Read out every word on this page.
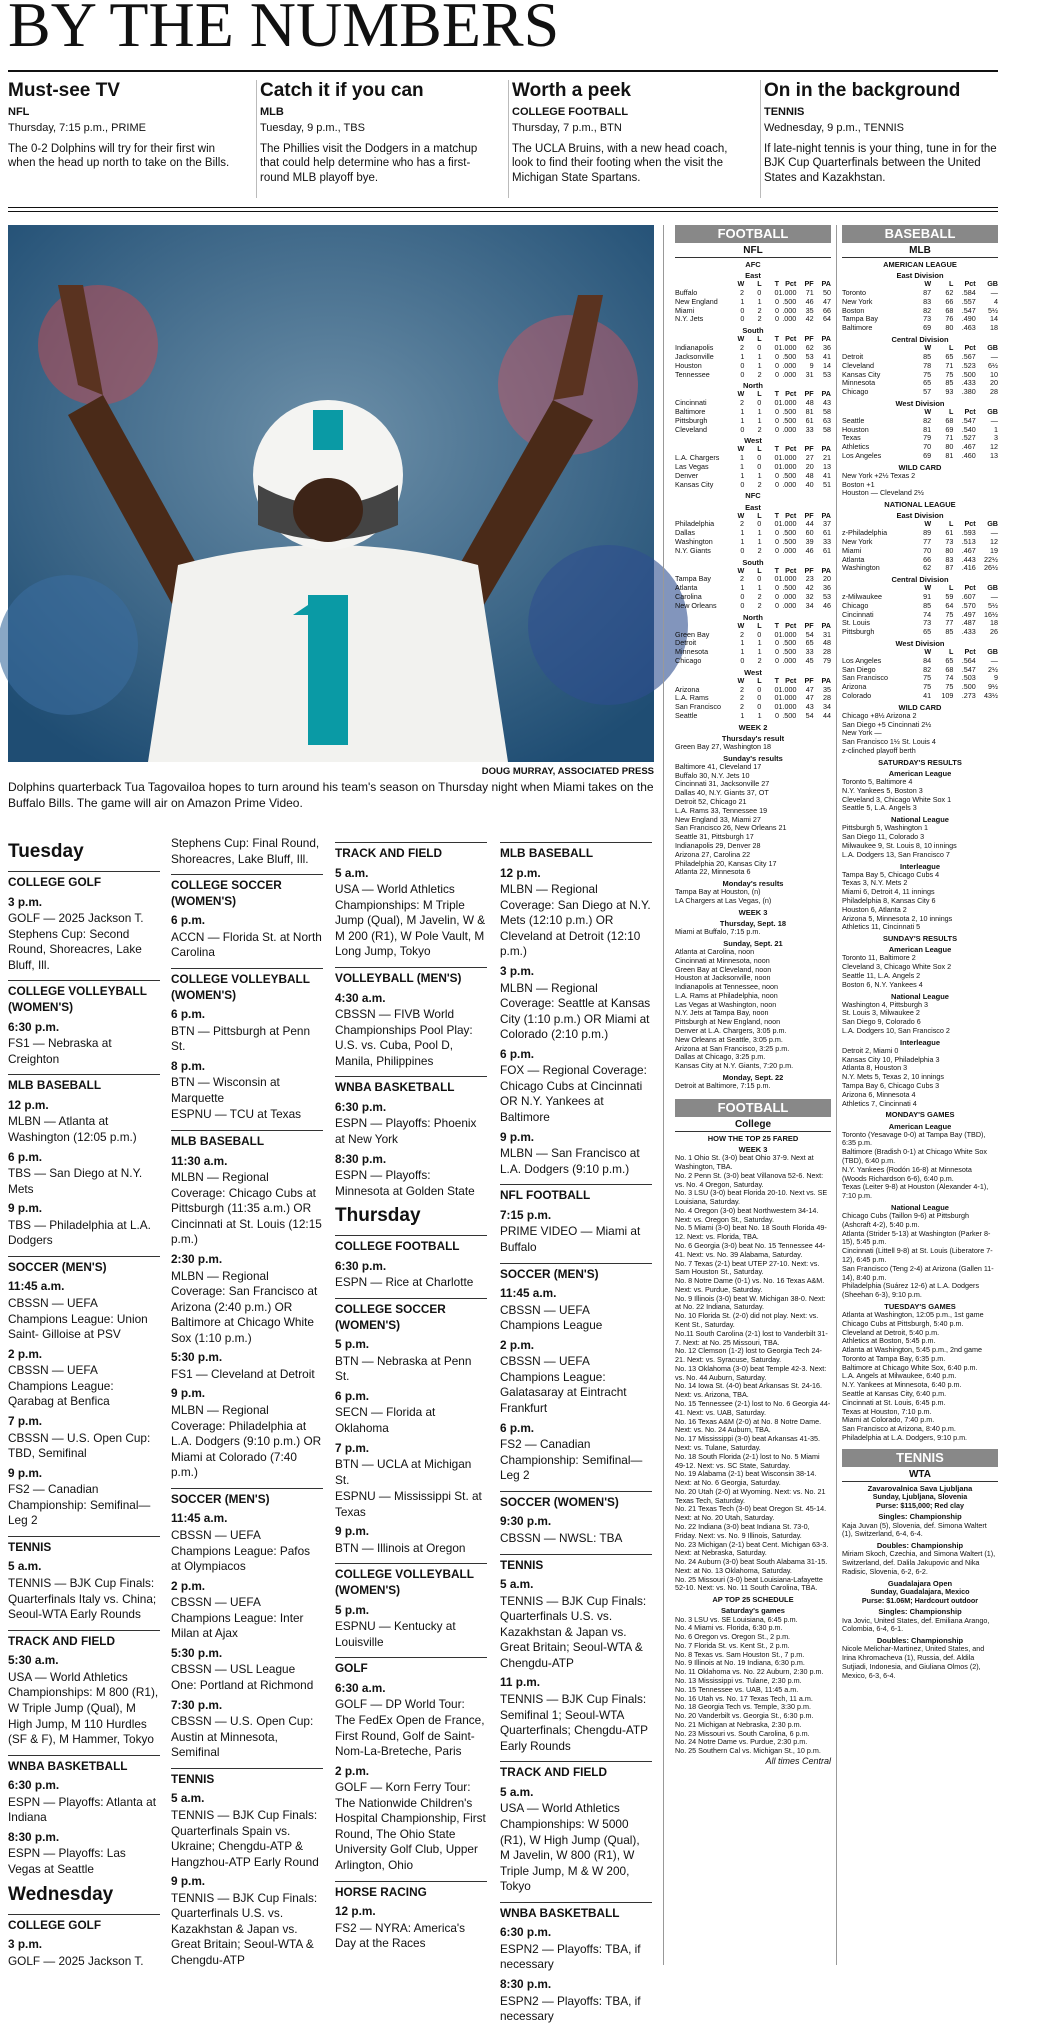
BY THE NUMBERS
Must-see TV
NFL
Thursday, 7:15 p.m., PRIME
The 0-2 Dolphins will try for their first win when the head up north to take on the Bills.
Catch it if you can
MLB
Tuesday, 9 p.m., TBS
The Phillies visit the Dodgers in a matchup that could help determine who has a first-round MLB playoff bye.
Worth a peek
COLLEGE FOOTBALL
Thursday, 7 p.m., BTN
The UCLA Bruins, with a new head coach, look to find their footing when the visit the Michigan State Spartans.
On in the background
TENNIS
Wednesday, 9 p.m., TENNIS
If late-night tennis is your thing, tune in for the BJK Cup Quarterfinals between the United States and Kazakhstan.
DOUG MURRAY, ASSOCIATED PRESS
Dolphins quarterback Tua Tagovailoa hopes to turn around his team's season on Thursday night when Miami takes on the Buffalo Bills. The game will air on Amazon Prime Video.
Tuesday
COLLEGE GOLF
3 p.m.
GOLF — 2025 Jackson T. Stephens Cup: Second Round, Shoreacres, Lake Bluff, Ill.
COLLEGE VOLLEYBALL (WOMEN'S)
6:30 p.m.
FS1 — Nebraska at Creighton
MLB BASEBALL
12 p.m.
MLBN — Atlanta at Washington (12:05 p.m.)
6 p.m.
TBS — San Diego at N.Y. Mets
9 p.m.
TBS — Philadelphia at L.A. Dodgers
SOCCER (MEN'S)
11:45 a.m.
CBSSN — UEFA Champions League: Union Saint- Gilloise at PSV
2 p.m.
CBSSN — UEFA Champions League: Qarabag at Benfica
7 p.m.
CBSSN — U.S. Open Cup: TBD, Semifinal
9 p.m.
FS2 — Canadian Championship: Semifinal—Leg 2
TENNIS
5 a.m.
TENNIS — BJK Cup Finals: Quarterfinals Italy vs. China; Seoul-WTA Early Rounds
TRACK AND FIELD
5:30 a.m.
USA — World Athletics Championships: M 800 (R1), W Triple Jump (Qual), M High Jump, M 110 Hurdles (SF & F), M Hammer, Tokyo
WNBA BASKETBALL
6:30 p.m.
ESPN — Playoffs: Atlanta at Indiana
8:30 p.m.
ESPN — Playoffs: Las Vegas at Seattle
Wednesday
COLLEGE GOLF
3 p.m.
GOLF — 2025 Jackson T.
Stephens Cup: Final Round, Shoreacres, Lake Bluff, Ill.
COLLEGE SOCCER (WOMEN'S)
6 p.m.
ACCN — Florida St. at North Carolina
COLLEGE VOLLEYBALL (WOMEN'S)
6 p.m.
BTN — Pittsburgh at Penn St.
8 p.m.
BTN — Wisconsin at Marquette
ESPNU — TCU at Texas
MLB BASEBALL
11:30 a.m.
MLBN — Regional Coverage: Chicago Cubs at Pittsburgh (11:35 a.m.) OR Cincinnati at St. Louis (12:15 p.m.)
2:30 p.m.
MLBN — Regional Coverage: San Francisco at Arizona (2:40 p.m.) OR Baltimore at Chicago White Sox (1:10 p.m.)
5:30 p.m.
FS1 — Cleveland at Detroit
9 p.m.
MLBN — Regional Coverage: Philadelphia at L.A. Dodgers (9:10 p.m.) OR Miami at Colorado (7:40 p.m.)
SOCCER (MEN'S)
11:45 a.m.
CBSSN — UEFA Champions League: Pafos at Olympiacos
2 p.m.
CBSSN — UEFA Champions League: Inter Milan at Ajax
5:30 p.m.
CBSSN — USL League One: Portland at Richmond
7:30 p.m.
CBSSN — U.S. Open Cup: Austin at Minnesota, Semifinal
TENNIS
5 a.m.
TENNIS — BJK Cup Finals: Quarterfinals Spain vs. Ukraine; Chengdu-ATP & Hangzhou-ATP Early Round
9 p.m.
TENNIS — BJK Cup Finals: Quarterfinals U.S. vs. Kazakhstan & Japan vs. Great Britain; Seoul-WTA & Chengdu-ATP
TRACK AND FIELD
5 a.m.
USA — World Athletics Championships: M Triple Jump (Qual), M Javelin, W & M 200 (R1), W Pole Vault, M Long Jump, Tokyo
VOLLEYBALL (MEN'S)
4:30 a.m.
CBSSN — FIVB World Championships Pool Play: U.S. vs. Cuba, Pool D, Manila, Philippines
WNBA BASKETBALL
6:30 p.m.
ESPN — Playoffs: Phoenix at New York
8:30 p.m.
ESPN — Playoffs: Minnesota at Golden State
Thursday
COLLEGE FOOTBALL
6:30 p.m.
ESPN — Rice at Charlotte
COLLEGE SOCCER (WOMEN'S)
5 p.m.
BTN — Nebraska at Penn St.
6 p.m.
SECN — Florida at Oklahoma
7 p.m.
BTN — UCLA at Michigan St.
ESPNU — Mississippi St. at Texas
9 p.m.
BTN — Illinois at Oregon
COLLEGE VOLLEYBALL (WOMEN'S)
5 p.m.
ESPNU — Kentucky at Louisville
GOLF
6:30 a.m.
GOLF — DP World Tour: The FedEx Open de France, First Round, Golf de Saint-Nom-La-Breteche, Paris
2 p.m.
GOLF — Korn Ferry Tour: The Nationwide Children's Hospital Championship, First Round, The Ohio State University Golf Club, Upper Arlington, Ohio
HORSE RACING
12 p.m.
FS2 — NYRA: America's Day at the Races
MLB BASEBALL
12 p.m.
MLBN — Regional Coverage: San Diego at N.Y. Mets (12:10 p.m.) OR Cleveland at Detroit (12:10 p.m.)
3 p.m.
MLBN — Regional Coverage: Seattle at Kansas City (1:10 p.m.) OR Miami at Colorado (2:10 p.m.)
6 p.m.
FOX — Regional Coverage: Chicago Cubs at Cincinnati OR N.Y. Yankees at Baltimore
9 p.m.
MLBN — San Francisco at L.A. Dodgers (9:10 p.m.)
NFL FOOTBALL
7:15 p.m.
PRIME VIDEO — Miami at Buffalo
SOCCER (MEN'S)
11:45 a.m.
CBSSN — UEFA Champions League
2 p.m.
CBSSN — UEFA Champions League: Galatasaray at Eintracht Frankfurt
6 p.m.
FS2 — Canadian Championship: Semifinal—Leg 2
SOCCER (WOMEN'S)
9:30 p.m.
CBSSN — NWSL: TBA
TENNIS
5 a.m.
TENNIS — BJK Cup Finals: Quarterfinals U.S. vs. Kazakhstan & Japan vs. Great Britain; Seoul-WTA & Chengdu-ATP
11 p.m.
TENNIS — BJK Cup Finals: Semifinal 1; Seoul-WTA Quarterfinals; Chengdu-ATP Early Rounds
TRACK AND FIELD
5 a.m.
USA — World Athletics Championships: W 5000 (R1), W High Jump (Qual), M Javelin, W 800 (R1), W Triple Jump, M & W 200, Tokyo
WNBA BASKETBALL
6:30 p.m.
ESPN2 — Playoffs: TBA, if necessary
8:30 p.m.
ESPN2 — Playoffs: TBA, if necessary
FOOTBALL
NFL
AFC
East
W	L	T Pct	PF	PA
Buffalo	2	0	0 1.000	71	50
New England	1	1	0 .500	46	47
Miami	0	2	0 .000	35	66
N.Y. Jets	0	2	0 .000	42	64
South
W	L	T Pct	PF	PA
Indianapolis	2	0	0 1.000	62	36
Jacksonville	1	1	0 .500	53	41
Houston	0	1	0 .000	9	14
Tennessee	0	2	0 .000	31	53
North
W	L	T Pct	PF	PA
Cincinnati	2	0	0 1.000	48	43
Baltimore	1	1	0 .500	81	58
Pittsburgh	1	1	0 .500	61	63
Cleveland	0	2	0 .000	33	58
West
W	L	T Pct	PF	PA
L.A. Chargers	1	0	0 1.000	27	21
Las Vegas	1	0	0 1.000	20	13
Denver	1	1	0 .500	48	41
Kansas City	0	2	0 .000	40	51
NFC
East
W	L	T Pct	PF	PA
Philadelphia	2	0	0 1.000	44	37
Dallas	1	1	0 .500	60	61
Washington	1	1	0 .500	39	33
N.Y. Giants	0	2	0 .000	46	61
South
W	L	T Pct	PF	PA
Tampa Bay	2	0	0 1.000	23	20
Atlanta	1	1	0 .500	42	36
Carolina	0	2	0 .000	32	53
New Orleans	0	2	0 .000	34	46
North
W	L	T Pct	PF	PA
Green Bay	2	0	0 1.000	54	31
Detroit	1	1	0 .500	65	48
Minnesota	1	1	0 .500	33	28
Chicago	0	2	0 .000	45	79
West
W	L	T Pct	PF	PA
Arizona	2	0	0 1.000	47	35
L.A. Rams	2	0	0 1.000	47	28
San Francisco	2	0	0 1.000	43	34
Seattle	1	1	0 .500	54	44
WEEK 2
Thursday's result
Green Bay 27, Washington 18
Sunday's results
Baltimore 41, Cleveland 17
Buffalo 30, N.Y. Jets 10
Cincinnati 31, Jacksonville 27
Dallas 40, N.Y. Giants 37, OT
Detroit 52, Chicago 21
L.A. Rams 33, Tennessee 19
New England 33, Miami 27
San Francisco 26, New Orleans 21
Seattle 31, Pittsburgh 17
Indianapolis 29, Denver 28
Arizona 27, Carolina 22
Philadelphia 20, Kansas City 17
Atlanta 22, Minnesota 6
Monday's results
Tampa Bay at Houston, (n)
LA Chargers at Las Vegas, (n)
WEEK 3
Thursday, Sept. 18
Miami at Buffalo, 7:15 p.m.
Sunday, Sept. 21
Atlanta at Carolina, noon
Cincinnati at Minnesota, noon
Green Bay at Cleveland, noon
Houston at Jacksonville, noon
Indianapolis at Tennessee, noon
L.A. Rams at Philadelphia, noon
Las Vegas at Washington, noon
N.Y. Jets at Tampa Bay, noon
Pittsburgh at New England, noon
Denver at L.A. Chargers, 3:05 p.m.
New Orleans at Seattle, 3:05 p.m.
Arizona at San Francisco, 3:25 p.m.
Dallas at Chicago, 3:25 p.m.
Kansas City at N.Y. Giants, 7:20 p.m.
Monday, Sept. 22
Detroit at Baltimore, 7:15 p.m.
FOOTBALL
College
HOW THE TOP 25 FARED
WEEK 3
No. 1 Ohio St. (3-0) beat Ohio 37-9. Next at Washington, TBA.
No. 2 Penn St. (3-0) beat Villanova 52-6. Next: vs. No. 4 Oregon, Saturday.
No. 3 LSU (3-0) beat Florida 20-10. Next vs. SE Louisiana, Saturday.
No. 4 Oregon (3-0) beat Northwestern 34-14. Next: vs. Oregon St., Saturday.
No. 5 Miami (3-0) beat No. 18 South Florida 49-12. Next: vs. Florida, TBA.
No. 6 Georgia (3-0) beat No. 15 Tennessee 44-41. Next: vs. No. 39 Alabama, Saturday.
No. 7 Texas (2-1) beat UTEP 27-10. Next: vs. Sam Houston St., Saturday.
No. 8 Notre Dame (0-1) vs. No. 16 Texas A&M. Next: vs. Purdue, Saturday.
No. 9 Illinois (3-0) beat W. Michigan 38-0. Next: at No. 22 Indiana, Saturday.
No. 10 Florida St. (2-0) did not play. Next: vs. Kent St., Saturday.
No.11 South Carolina (2-1) lost to Vanderbilt 31-7. Next: at No. 25 Missouri, TBA.
No. 12 Clemson (1-2) lost to Georgia Tech 24-21. Next: vs. Syracuse, Saturday.
No. 13 Oklahoma (3-0) beat Temple 42-3. Next: vs. No. 44 Auburn, Saturday.
No. 14 Iowa St. (4-0) beat Arkansas St. 24-16. Next: vs. Arizona, TBA.
No. 15 Tennessee (2-1) lost to No. 6 Georgia 44-41. Next: vs. UAB, Saturday.
No. 16 Texas A&M (2-0) at No. 8 Notre Dame. Next: vs. No. 24 Auburn, TBA.
No. 17 Mississippi (3-0) beat Arkansas 41-35. Next: vs. Tulane, Saturday.
No. 18 South Florida (2-1) lost to No. 5 Miami 49-12. Next: vs. SC State, Saturday.
No. 19 Alabama (2-1) beat Wisconsin 38-14. Next: at No. 6 Georgia, Saturday.
No. 20 Utah (2-0) at Wyoming. Next: vs. No. 21 Texas Tech, Saturday.
No. 21 Texas Tech (3-0) beat Oregon St. 45-14. Next: at No. 20 Utah, Saturday.
No. 22 Indiana (3-0) beat Indiana St. 73-0, Friday. Next: vs. No. 9 Illinois, Saturday.
No. 23 Michigan (2-1) beat Cent. Michigan 63-3. Next: at Nebraska, Saturday.
No. 24 Auburn (3-0) beat South Alabama 31-15. Next: at No. 13 Oklahoma, Saturday.
No. 25 Missouri (3-0) beat Louisiana-Lafayette 52-10. Next: vs. No. 11 South Carolina, TBA.
AP TOP 25 SCHEDULE
Saturday's games
No. 3 LSU vs. SE Louisiana, 6:45 p.m.
No. 4 Miami vs. Florida, 6:30 p.m.
No. 6 Oregon vs. Oregon St., 2 p.m.
No. 7 Florida St. vs. Kent St., 2 p.m.
No. 8 Texas vs. Sam Houston St., 7 p.m.
No. 9 Illinois at No. 19 Indiana, 6:30 p.m.
No. 11 Oklahoma vs. No. 22 Auburn, 2:30 p.m.
No. 13 Mississippi vs. Tulane, 2:30 p.m.
No. 15 Tennessee vs. UAB, 11:45 a.m.
No. 16 Utah vs. No. 17 Texas Tech, 11 a.m.
No. 18 Georgia Tech vs. Temple, 3:30 p.m.
No. 20 Vanderbilt vs. Georgia St., 6:30 p.m.
No. 21 Michigan at Nebraska, 2:30 p.m.
No. 23 Missouri vs. South Carolina, 6 p.m.
No. 24 Notre Dame vs. Purdue, 2:30 p.m.
No. 25 Southern Cal vs. Michigan St., 10 p.m.
All times Central
BASEBALL
MLB
AMERICAN LEAGUE
East Division
W	L	Pct	GB
Toronto	87	62	.584	—
New York	83	66	.557	4
Boston	82	68	.547	5½
Tampa Bay	73	76	.490	14
Baltimore	69	80	.463	18
Central Division
W	L	Pct	GB
Detroit	85	65	.567	—
Cleveland	78	71	.523	6½
Kansas City	75	75	.500	10
Minnesota	65	85	.433	20
Chicago	57	93	.380	28
West Division
W	L	Pct	GB
Seattle	82	68	.547	—
Houston	81	69	.540	1
Texas	79	71	.527	3
Athletics	70	80	.467	12
Los Angeles	69	81	.460	13
WILD CARD
New York +2½ Texas 2
Boston +1
Houston — Cleveland 2½
NATIONAL LEAGUE
East Division
W	L	Pct	GB
z-Philadelphia	89	61	.593	—
New York	77	73	.513	12
Miami	70	80	.467	19
Atlanta	66	83	.443	22½
Washington	62	87	.416	26½
Central Division
W	L	Pct	GB
z-Milwaukee	91	59	.607	—
Chicago	85	64	.570	5½
Cincinnati	74	75	.497	16½
St. Louis	73	77	.487	18
Pittsburgh	65	85	.433	26
West Division
W	L	Pct	GB
Los Angeles	84	65	.564	—
San Diego	82	68	.547	2½
San Francisco	75	74	.503	9
Arizona	75	75	.500	9½
Colorado	41	109	.273	43½
WILD CARD
Chicago +8½ Arizona 2
San Diego +5 Cincinnati 2½
New York —
San Francisco 1½ St. Louis 4
z-clinched playoff berth
SATURDAY'S RESULTS
American League
Toronto 5, Baltimore 4
N.Y. Yankees 5, Boston 3
Cleveland 3, Chicago White Sox 1
Seattle 5, L.A. Angels 3
National League
Pittsburgh 5, Washington 1
San Diego 11, Colorado 3
Milwaukee 9, St. Louis 8, 10 innings
L.A. Dodgers 13, San Francisco 7
Interleague
Tampa Bay 5, Chicago Cubs 4
Texas 3, N.Y. Mets 2
Miami 6, Detroit 4, 11 innings
Philadelphia 8, Kansas City 6
Houston 6, Atlanta 2
Arizona 5, Minnesota 2, 10 innings
Athletics 11, Cincinnati 5
SUNDAY'S RESULTS
American League
Toronto 11, Baltimore 2
Cleveland 3, Chicago White Sox 2
Seattle 11, L.A. Angels 2
Boston 6, N.Y. Yankees 4
National League
Washington 4, Pittsburgh 3
St. Louis 3, Milwaukee 2
San Diego 9, Colorado 6
L.A. Dodgers 10, San Francisco 2
Interleague
Detroit 2, Miami 0
Kansas City 10, Philadelphia 3
Atlanta 8, Houston 3
N.Y. Mets 5, Texas 2, 10 innings
Tampa Bay 6, Chicago Cubs 3
Arizona 6, Minnesota 4
Athletics 7, Cincinnati 4
MONDAY'S GAMES
American League
Toronto (Yesavage 0-0) at Tampa Bay (TBD), 6:35 p.m.
Baltimore (Bradish 0-1) at Chicago White Sox (TBD), 6:40 p.m.
N.Y. Yankees (Rodón 16-8) at Minnesota (Woods Richardson 6-6), 6:40 p.m.
Texas (Leiter 9-8) at Houston (Alexander 4-1), 7:10 p.m.
National League
Chicago Cubs (Taillon 9-6) at Pittsburgh (Ashcraft 4-2), 5:40 p.m.
Atlanta (Strider 5-13) at Washington (Parker 8-15), 5:45 p.m.
Cincinnati (Littell 9-8) at St. Louis (Liberatore 7-12), 6:45 p.m.
San Francisco (Teng 2-4) at Arizona (Gallen 11-14), 8:40 p.m.
Philadelphia (Suárez 12-6) at L.A. Dodgers (Sheehan 6-3), 9:10 p.m.
TUESDAY'S GAMES
Atlanta at Washington, 12:05 p.m., 1st game
Chicago Cubs at Pittsburgh, 5:40 p.m.
Cleveland at Detroit, 5:40 p.m.
Athletics at Boston, 5:45 p.m.
Atlanta at Washington, 5:45 p.m., 2nd game
Toronto at Tampa Bay, 6:35 p.m.
Baltimore at Chicago White Sox, 6:40 p.m.
L.A. Angels at Milwaukee, 6:40 p.m.
N.Y. Yankees at Minnesota, 6:40 p.m.
Seattle at Kansas City, 6:40 p.m.
Cincinnati at St. Louis, 6:45 p.m.
Texas at Houston, 7:10 p.m.
Miami at Colorado, 7:40 p.m.
San Francisco at Arizona, 8:40 p.m.
Philadelphia at L.A. Dodgers, 9:10 p.m.
TENNIS
WTA
Zavarovalnica Sava Ljubljana
Sunday, Ljubljana, Slovenia
Purse: $115,000; Red clay
Singles: Championship
Kaja Juvan (5), Slovenia, def. Simona Waltert (1), Switzerland, 6-4, 6-4.
Doubles: Championship
Miriam Skoch, Czechia, and Simona Waltert (1), Switzerland, def. Dalila Jakupovic and Nika Radisic, Slovenia, 6-2, 6-2.
Guadalajara Open
Sunday, Guadalajara, Mexico
Purse: $1.06M; Hardcourt outdoor
Singles: Championship
Iva Jovic, United States, def. Emiliana Arango, Colombia, 6-4, 6-1.
Doubles: Championship
Nicole Melichar-Martinez, United States, and Irina Khromacheva (1), Russia, def. Aldila Sutjiadi, Indonesia, and Giuliana Olmos (2), Mexico, 6-3, 6-4.
